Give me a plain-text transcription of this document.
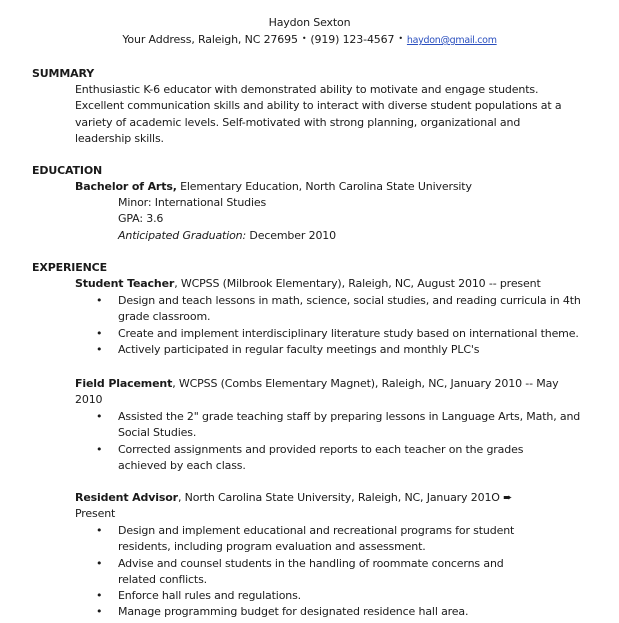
Haydon Sexton
Your Address, Raleigh, NC 27695 • (919) 123-4567 • haydon@gmail.com
SUMMARY
Enthusiastic K-6 educator with demonstrated ability to motivate and engage students.
Excellent communication skills and ability to interact with diverse student populations at a
variety of academic levels. Self-motivated with strong planning, organizational and
leadership skills.
EDUCATION
Bachelor of Arts, Elementary Education, North Carolina State University
Minor: International Studies
GPA: 3.6
Anticipated Graduation: December 2010
EXPERIENCE
Student Teacher, WCPSS (Milbrook Elementary), Raleigh, NC, August 2010 -- present
• Design and teach lessons in math, science, social studies, and reading curricula in 4th
grade classroom.
• Create and implement interdisciplinary literature study based on international theme.
• Actively participated in regular faculty meetings and monthly PLC's
Field Placement, WCPSS (Combs Elementary Magnet), Raleigh, NC, January 2010 -- May
2010
• Assisted the 2" grade teaching staff by preparing lessons in Language Arts, Math, and
Social Studies.
• Corrected assignments and provided reports to each teacher on the grades
achieved by each class.
Resident Advisor, North Carolina State University, Raleigh, NC, January 201O ➨
Present
• Design and implement educational and recreational programs for student
residents, including program evaluation and assessment.
• Advise and counsel students in the handling of roommate concerns and
related conflicts.
• Enforce hall rules and regulations.
• Manage programming budget for designated residence hall area.
